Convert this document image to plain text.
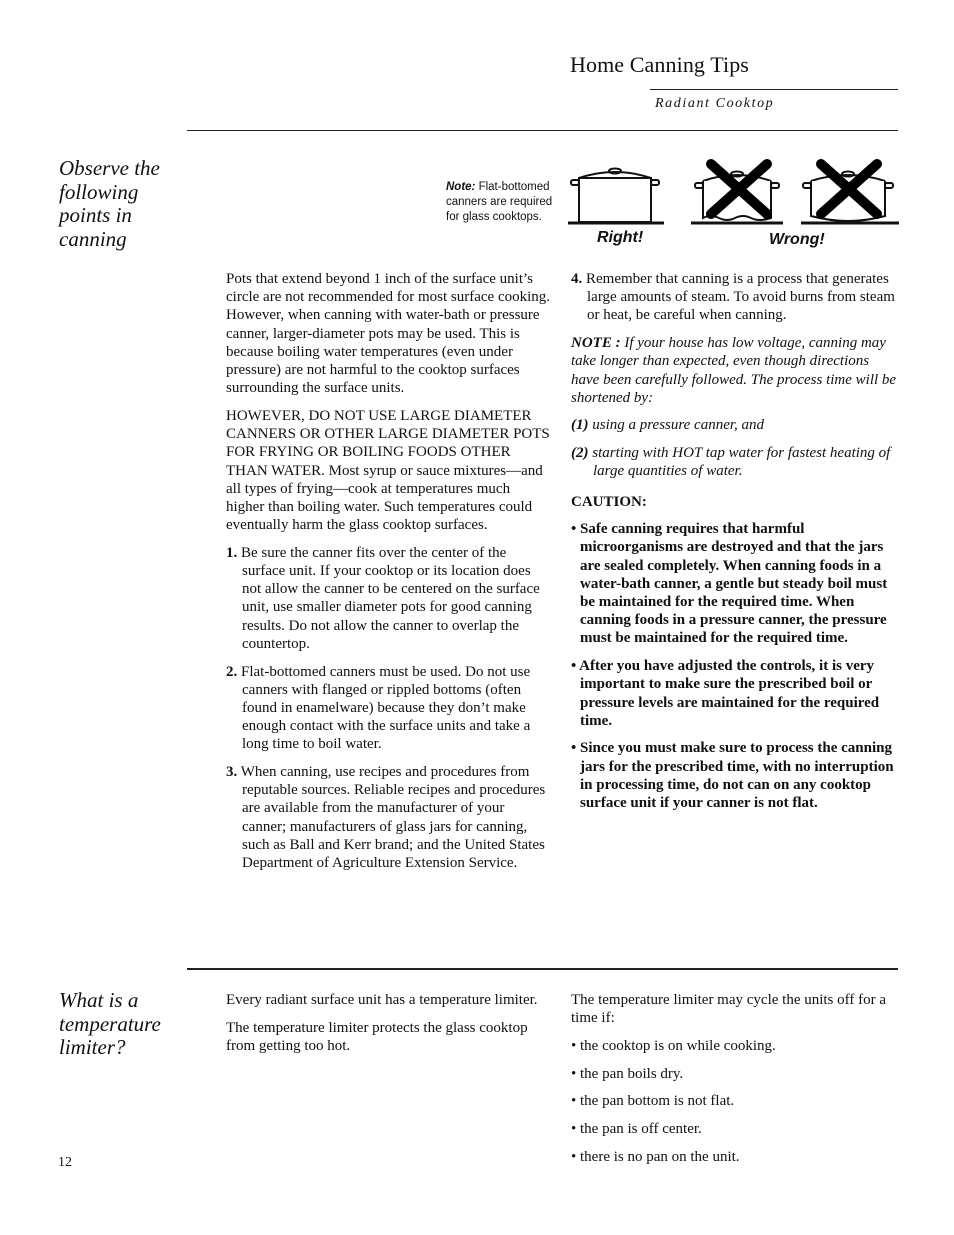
Home Canning Tips
Radiant Cooktop
Observe the following points in canning
Note: Flat-bottomed canners are required for glass cooktops.
Right!	Wrong!

Pots that extend beyond 1 inch of the surface unit’s circle are not recommended for most surface cooking. However, when canning with water-bath or pressure canner, larger-diameter pots may be used. This is because boiling water temperatures (even under pressure) are not harmful to the cooktop surfaces surrounding the surface units.

HOWEVER, DO NOT USE LARGE DIAMETER CANNERS OR OTHER LARGE DIAMETER POTS FOR FRYING OR BOILING FOODS OTHER THAN WATER. Most syrup or sauce mixtures—and all types of frying—cook at temperatures much higher than boiling water. Such temperatures could eventually harm the glass cooktop surfaces.

1. Be sure the canner fits over the center of the surface unit. If your cooktop or its location does not allow the canner to be centered on the surface unit, use smaller diameter pots for good canning results. Do not allow the canner to overlap the countertop.

2. Flat-bottomed canners must be used. Do not use canners with flanged or rippled bottoms (often found in enamelware) because they don’t make enough contact with the surface units and take a long time to boil water.

3. When canning, use recipes and procedures from reputable sources. Reliable recipes and procedures are available from the manufacturer of your canner; manufacturers of glass jars for canning, such as Ball and Kerr brand; and the United States Department of Agriculture Extension Service.

4. Remember that canning is a process that generates large amounts of steam. To avoid burns from steam or heat, be careful when canning.

NOTE : If your house has low voltage, canning may take longer than expected, even though directions have been carefully followed. The process time will be shortened by:

(1) using a pressure canner, and

(2) starting with HOT tap water for fastest heating of large quantities of water.

CAUTION:

• Safe canning requires that harmful microorganisms are destroyed and that the jars are sealed completely. When canning foods in a water-bath canner, a gentle but steady boil must be maintained for the required time. When canning foods in a pressure canner, the pressure must be maintained for the required time.

• After you have adjusted the controls, it is very important to make sure the prescribed boil or pressure levels are maintained for the required time.

• Since you must make sure to process the canning jars for the prescribed time, with no interruption in processing time, do not can on any cooktop surface unit if your canner is not flat.

What is a temperature limiter?

Every radiant surface unit has a temperature limiter.

The temperature limiter protects the glass cooktop from getting too hot.

The temperature limiter may cycle the units off for a time if:

• the cooktop is on while cooking.

• the pan boils dry.

• the pan bottom is not flat.

• the pan is off center.

• there is no pan on the unit.

12
